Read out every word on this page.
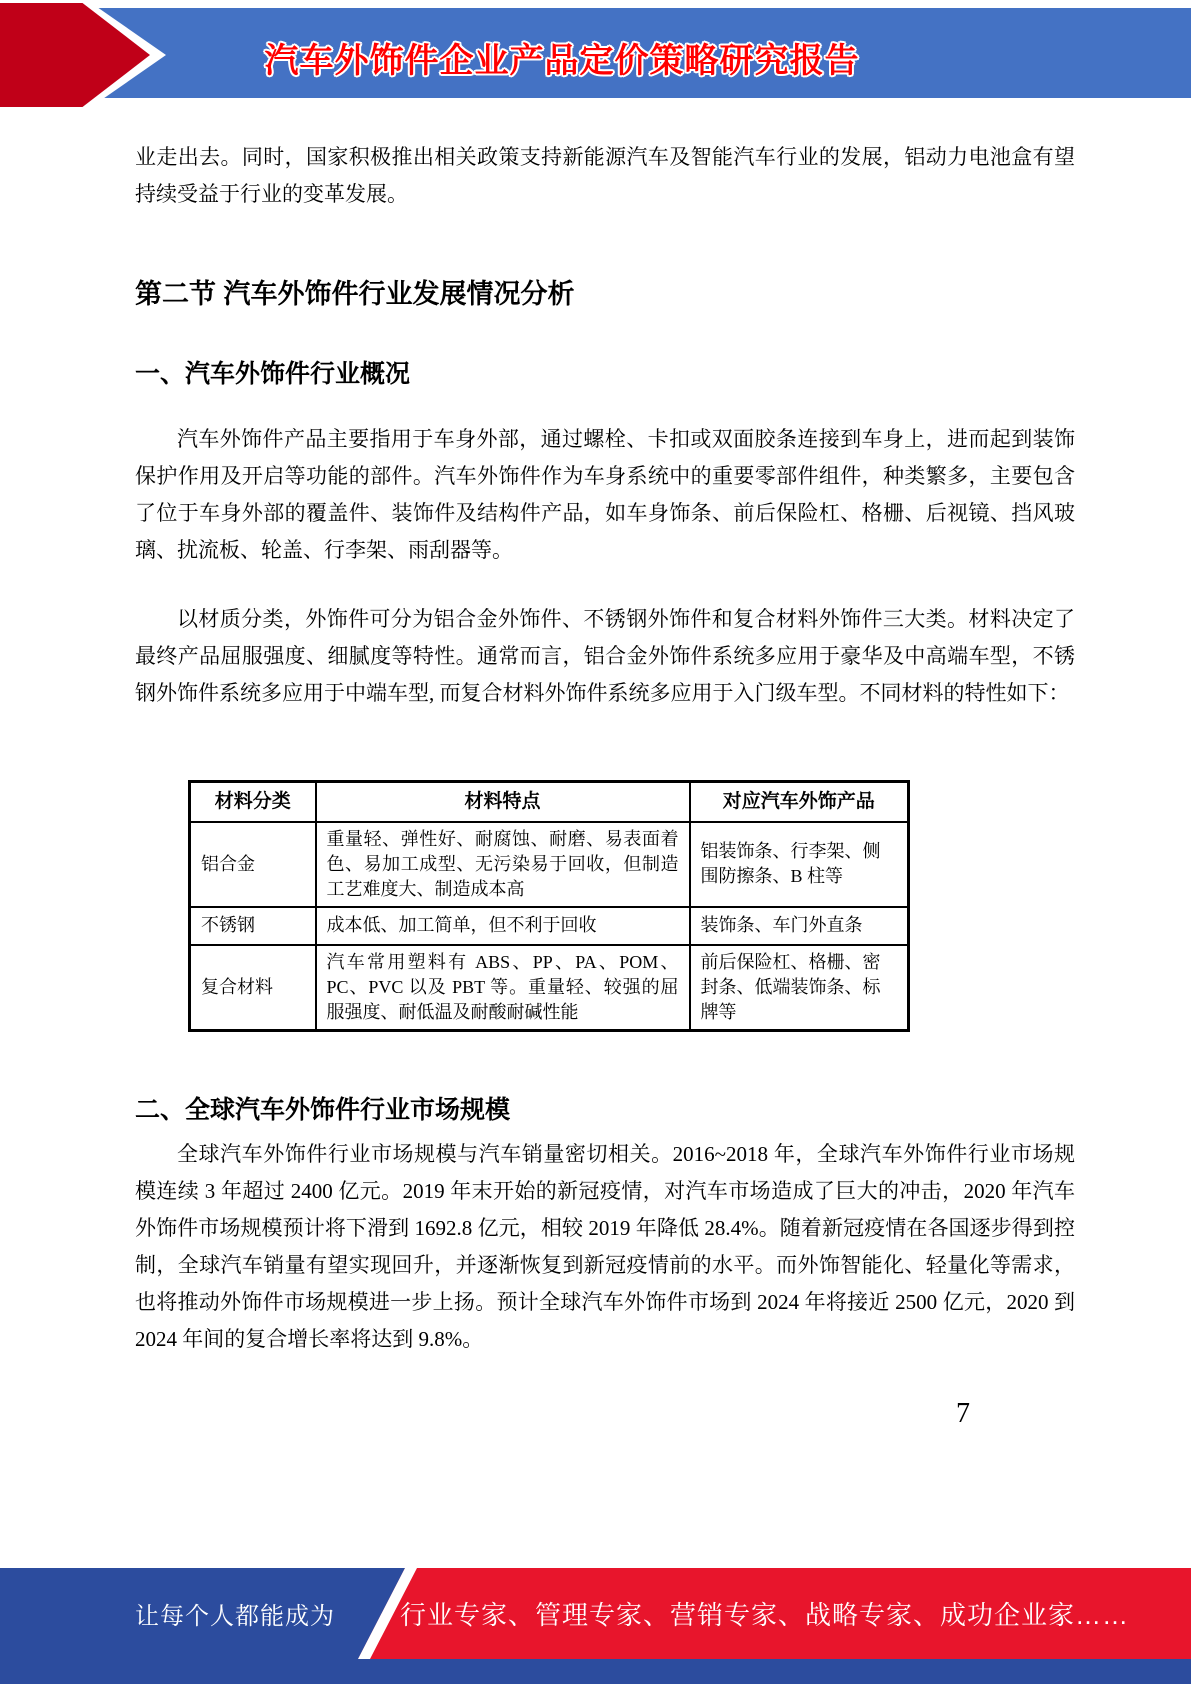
汽车外饰件企业产品定价策略研究报告

业走出去。同时，国家积极推出相关政策支持新能源汽车及智能汽车行业的发展，铝动力电池盒有望持续受益于行业的变革发展。

第二节 汽车外饰件行业发展情况分析
一、汽车外饰件行业概况

汽车外饰件产品主要指用于车身外部，通过螺栓、卡扣或双面胶条连接到车身上，进而起到装饰保护作用及开启等功能的部件。汽车外饰件作为车身系统中的重要零部件组件，种类繁多，主要包含了位于车身外部的覆盖件、装饰件及结构件产品，如车身饰条、前后保险杠、格栅、后视镜、挡风玻璃、扰流板、轮盖、行李架、雨刮器等。

以材质分类，外饰件可分为铝合金外饰件、不锈钢外饰件和复合材料外饰件三大类。材料决定了最终产品屈服强度、细腻度等特性。通常而言，铝合金外饰件系统多应用于豪华及中高端车型，不锈钢外饰件系统多应用于中端车型, 而复合材料外饰件系统多应用于入门级车型。不同材料的特性如下：

材料分类	材料特点	对应汽车外饰产品
铝合金	重量轻、弹性好、耐腐蚀、耐磨、易表面着色、易加工成型、无污染易于回收，但制造工艺难度大、制造成本高	铝装饰条、行李架、侧围防擦条、B 柱等
不锈钢	成本低、加工简单，但不利于回收	装饰条、车门外直条
复合材料	汽车常用塑料有 ABS、PP、PA、POM、PC、PVC 以及 PBT 等。重量轻、较强的屈服强度、耐低温及耐酸耐碱性能	前后保险杠、格栅、密封条、低端装饰条、标牌等
二、全球汽车外饰件行业市场规模

全球汽车外饰件行业市场规模与汽车销量密切相关。2016~2018 年，全球汽车外饰件行业市场规模连续 3 年超过 2400 亿元。2019 年末开始的新冠疫情，对汽车市场造成了巨大的冲击，2020 年汽车外饰件市场规模预计将下滑到 1692.8 亿元，相较 2019 年降低 28.4%。随着新冠疫情在各国逐步得到控制，全球汽车销量有望实现回升，并逐渐恢复到新冠疫情前的水平。而外饰智能化、轻量化等需求，也将推动外饰件市场规模进一步上扬。预计全球汽车外饰件市场到 2024 年将接近 2500 亿元，2020 到 2024 年间的复合增长率将达到 9.8%。

7
让每个人都能成为	行业专家、管理专家、营销专家、战略专家、成功企业家……
